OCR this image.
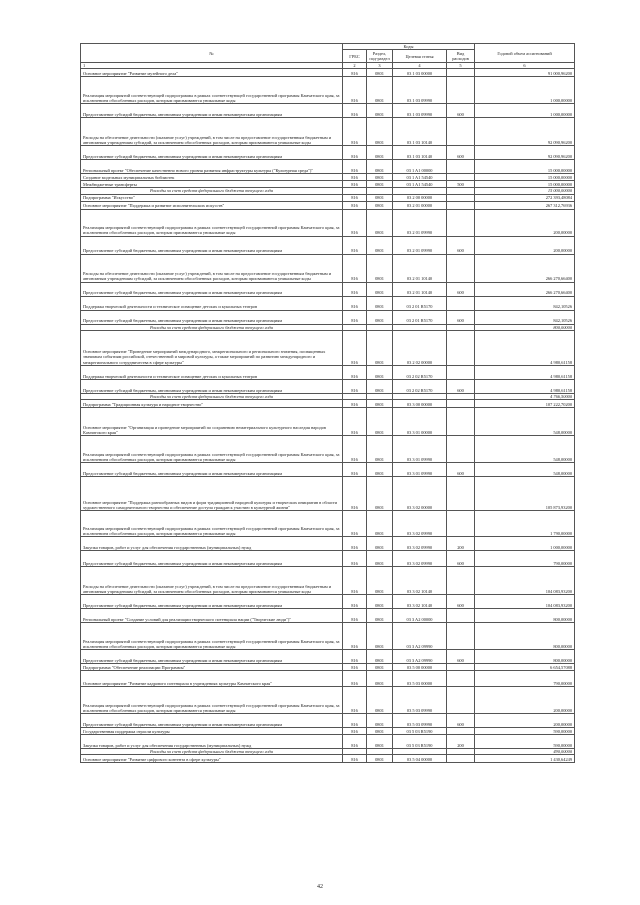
№	Коды				Годовой объем ассигнований
	ГРБС	Раздел, под-раздел	Целевая статья	Вид расходов	
1	2	3	4	5	6
Основное мероприятие "Развитие музейного дела"	816	0801	03 1 03 00000		91 000,96200
Реализация мероприятий соответствующей подпрограммы в рамках соответствующей государственной программы Камчатского края, за исключением обособленных расходов, которым присваиваются уникальные коды	816	0801	03 1 03 09990		1 000,00000
Предоставление субсидий бюджетным, автономным учреждениям и иным некоммерческим организациям	816	0801	03 1 03 09990	600	1 000,00000
Расходы на обеспечение деятельности (оказание услуг) учреждений, в том числе на предоставление государственным бюджетным и автономным учреждениям субсидий, за исключением обособленных расходов, которым присваиваются уникальные коды	816	0801	03 1 03 10140		92 090,96200
Предоставление субсидий бюджетным, автономным учреждениям и иным некоммерческим организациям	816	0801	03 1 03 10140	600	92 090,96200
Региональный проект "Обеспечение качественно нового уровня развития инфраструктуры культуры ("Культурная среда")"	816	0801	03 1 A1 00000		15 000,00000
Создание модельных муниципальных библиотек	816	0801	03 1 A1 54540		15 000,00000
Межбюджетные трансферты	816	0801	03 1 A1 54540	500	15 000,00000
Расходы за счет средств федерального бюджета текущего года					15 000,00000
Подпрограмма "Искусство"	816	0801	03 2 00 00000		272 393,48084
Основное мероприятие "Поддержка и развитие исполнительских искусств"	816	0801	03 2 01 00000		267 312,76936
Реализация мероприятий соответствующей подпрограммы в рамках соответствующей государственной программы Камчатского края, за исключением обособленных расходов, которым присваиваются уникальные коды	816	0801	03 2 01 09990		200,00000
Предоставление субсидий бюджетным, автономным учреждениям и иным некоммерческим организациям	816	0801	03 2 01 09990	600	200,00000
Расходы на обеспечение деятельности (оказание услуг) учреждений, в том числе на предоставление государственным бюджетным и автономным учреждениям субсидий, за исключением обособленных расходов, которым присваиваются уникальные коды	816	0801	03 2 01 10140		266 270,66400
Предоставление субсидий бюджетным, автономным учреждениям и иным некоммерческим организациям	816	0801	03 2 01 10140	600	266 270,66400
Поддержка творческой деятельности и техническое оснащение детских и кукольных театров	816	0801	03 2 01 R5170		842,10526
Предоставление субсидий бюджетным, автономным учреждениям и иным некоммерческим организациям	816	0801	03 2 01 R5170	600	842,10526
Расходы за счет средств федерального бюджета текущего года					800,00000
Основное мероприятие "Проведение мероприятий международного, межрегионального и регионального значения, посвященных значимым событиям российской, отечественной и мировой культуры, а также мероприятий по развитию международного и межрегионального сотрудничества в сфере культуры"	816	0801	03 2 02 00000		4 980,61158
Поддержка творческой деятельности и техническое оснащение детских и кукольных театров	816	0801	03 2 02 R5170		4 980,61158
Предоставление субсидий бюджетным, автономным учреждениям и иным некоммерческим организациям	816	0801	03 2 02 R5170	600	4 980,61158
Расходы за счет средств федерального бюджета текущего года					4 766,50000
Подпрограмма "Традиционная культура и народное творчество"	816	0801	03 3 00 00000		107 222,70200
Основное мероприятие "Организация и проведение мероприятий по сохранению нематериального культурного наследия народов Камчатского края"	816	0801	03 3 01 00000		548,00000
Реализация мероприятий соответствующей подпрограммы в рамках соответствующей государственной программы Камчатского края, за исключением обособленных расходов, которым присваиваются уникальные коды	816	0801	03 3 01 09990		548,00000
Предоставление субсидий бюджетным, автономным учреждениям и иным некоммерческим организациям	816	0801	03 3 01 09990	600	548,00000
Основное мероприятие "Поддержка разнообразных видов и форм традиционной народной культуры и творческих инициатив в области художественного самодеятельного творчества и обеспечение доступа граждан к участию в культурной жизни"	816	0801	03 3 02 00000		105 873,93200
Реализация мероприятий соответствующей подпрограммы в рамках соответствующей государственной программы Камчатского края, за исключением обособленных расходов, которым присваиваются уникальные коды	816	0801	03 3 02 09990		1 790,00000
Закупка товаров, работ и услуг для обеспечения государственных (муниципальных) нужд	816	0801	03 3 02 09990	200	1 000,00000
Предоставление субсидий бюджетным, автономным учреждениям и иным некоммерческим организациям	816	0801	03 3 02 09990	600	790,00000
Расходы на обеспечение деятельности (оказание услуг) учреждений, в том числе на предоставление государственным бюджетным и автономным учреждениям субсидий, за исключением обособленных расходов, которым присваиваются уникальные коды	816	0801	03 3 02 10140		104 083,93200
Предоставление субсидий бюджетным, автономным учреждениям и иным некоммерческим организациям	816	0801	03 3 02 10140	600	104 083,93200
Региональный проект "Создание условий для реализации творческого потенциала нации ("Творческие люди")"	816	0801	03 3 A2 00000		800,00000
Реализация мероприятий соответствующей подпрограммы в рамках соответствующей государственной программы Камчатского края, за исключением обособленных расходов, которым присваиваются уникальные коды	816	0801	03 3 A2 09990		800,00000
Предоставление субсидий бюджетным, автономным учреждениям и иным некоммерческим организациям	816	0801	03 3 A2 09990	600	800,00000
Подпрограмма "Обеспечение реализации Программы"	816	0801	03 5 00 00000		6 654,57088
Основное мероприятие "Развитие кадрового потенциала в учреждениях культуры Камчатского края"	816	0801	03 5 03 00000		790,00000
Реализация мероприятий соответствующей подпрограммы в рамках соответствующей государственной программы Камчатского края, за исключением обособленных расходов, которым присваиваются уникальные коды	816	0801	03 5 03 09990		200,00000
Предоставление субсидий бюджетным, автономным учреждениям и иным некоммерческим организациям	816	0801	03 5 03 09990	600	200,00000
Государственная поддержка отрасли культуры	816	0801	03 5 03 R5190		590,00000
Закупка товаров, работ и услуг для обеспечения государственных (муниципальных) нужд	816	0801	03 5 03 R5190	200	590,00000
Расходы за счет средств федерального бюджета текущего года					490,00000
Основное мероприятие "Развитие цифрового контента в сфере культуры"	816	0801	03 5 04 00000		1 430,64249
42
